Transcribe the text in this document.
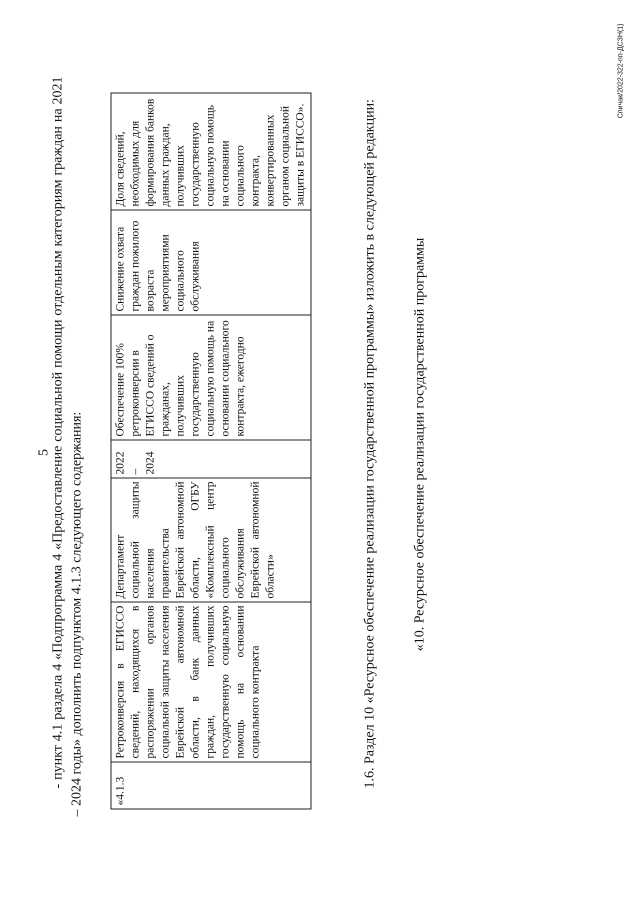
5 - пункт 4.1 раздела 4 «Подпрограмма 4 «Предоставление социальной помощи отдельным категориям граждан на 2021 – 2024 годы» дополнить подпунктом 4.1.3 следующего содержания:	«4.1.3	Ретроконверсия в ЕГИССО сведений, находящихся в распоряжении органов социальной защиты населения Еврейской автономной области, в банк данных граждан, получивших государственную социальную помощь на основании социального контракта	Департамент социальной защиты населения правительства Еврейской автономной области, ОГБУ «Комплексный центр социального обслуживания Еврейской автономной области»	2022 – 2024	Обеспечение 100% ретроконверсии в ЕГИССО сведений о гражданах, получивших государственную социальную помощь на основании социального контракта, ежегодно	Снижение охвата граждан пожилого возраста мероприятиями социального обслуживания	Доля сведений, необходимых для формирования банков данных граждан, получивших государственную социальную помощь на основании социального контракта, конвертированных органом социальной защиты в ЕГИССО».	1.6. Раздел 10 «Ресурсное обеспечение реализации государственной программы» изложить в следующей редакции:	«10. Ресурсное обеспечение реализации государственной программы
Спичак/2022-322-пп-ДСЗН(1)
